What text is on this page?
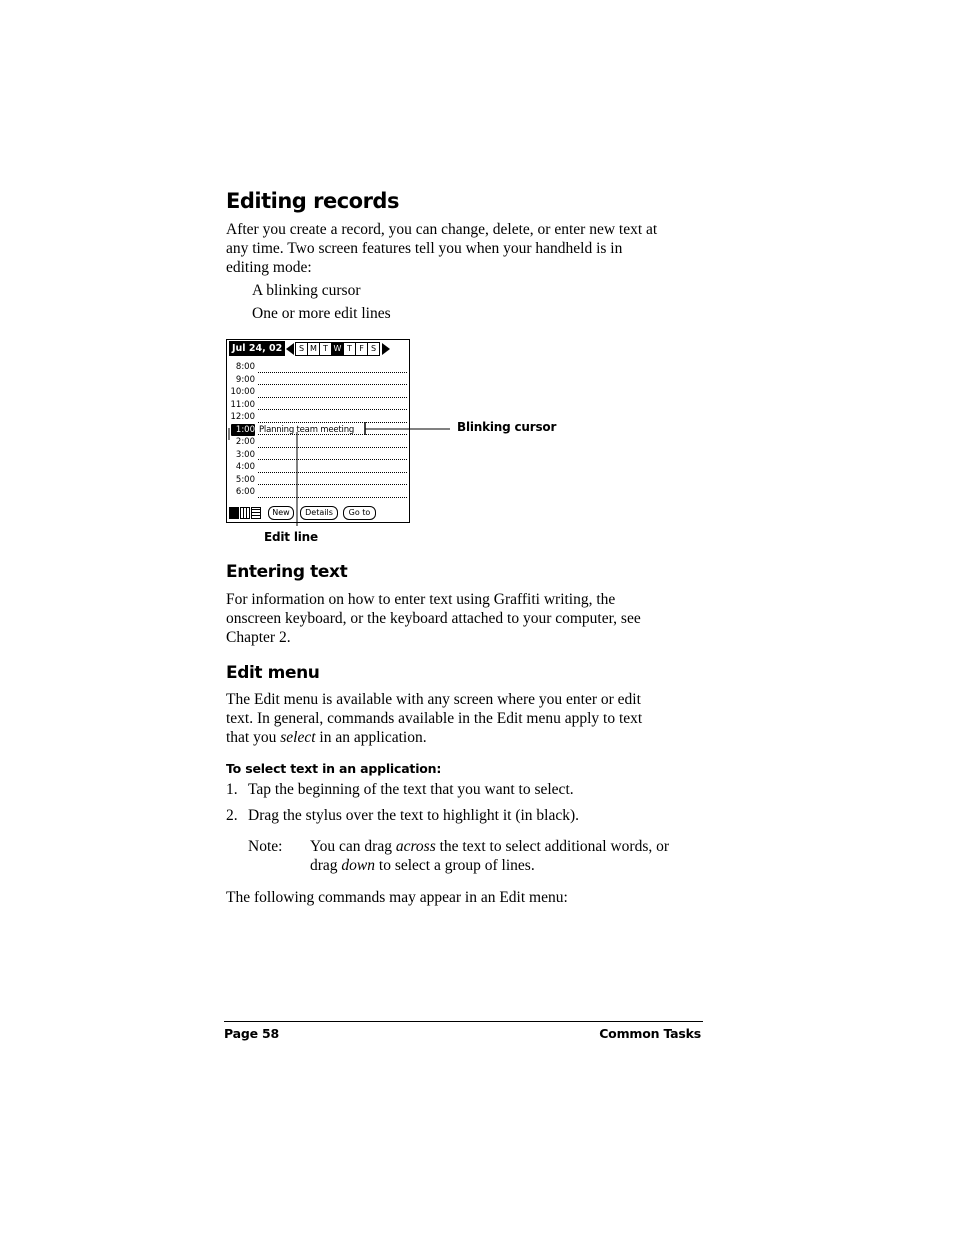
Editing records
After you create a record, you can change, delete, or enter new text at
any time. Two screen features tell you when your handheld is in
editing mode:
A blinking cursor
One or more edit lines
Jul 24, 02	S M T W T F S
8:00
9:00
10:00
11:00
12:00
1:00 Planning team meeting
2:00
3:00
4:00
5:00
6:00
New	Details	Go to
Blinking cursor
Edit line
Entering text
For information on how to enter text using Graffiti writing, the
onscreen keyboard, or the keyboard attached to your computer, see
Chapter 2.
Edit menu
The Edit menu is available with any screen where you enter or edit
text. In general, commands available in the Edit menu apply to text
that you select in an application.
To select text in an application:
1. Tap the beginning of the text that you want to select.
2. Drag the stylus over the text to highlight it (in black).
Note: You can drag across the text to select additional words, or
drag down to select a group of lines.
The following commands may appear in an Edit menu:
Page 58	Common Tasks
